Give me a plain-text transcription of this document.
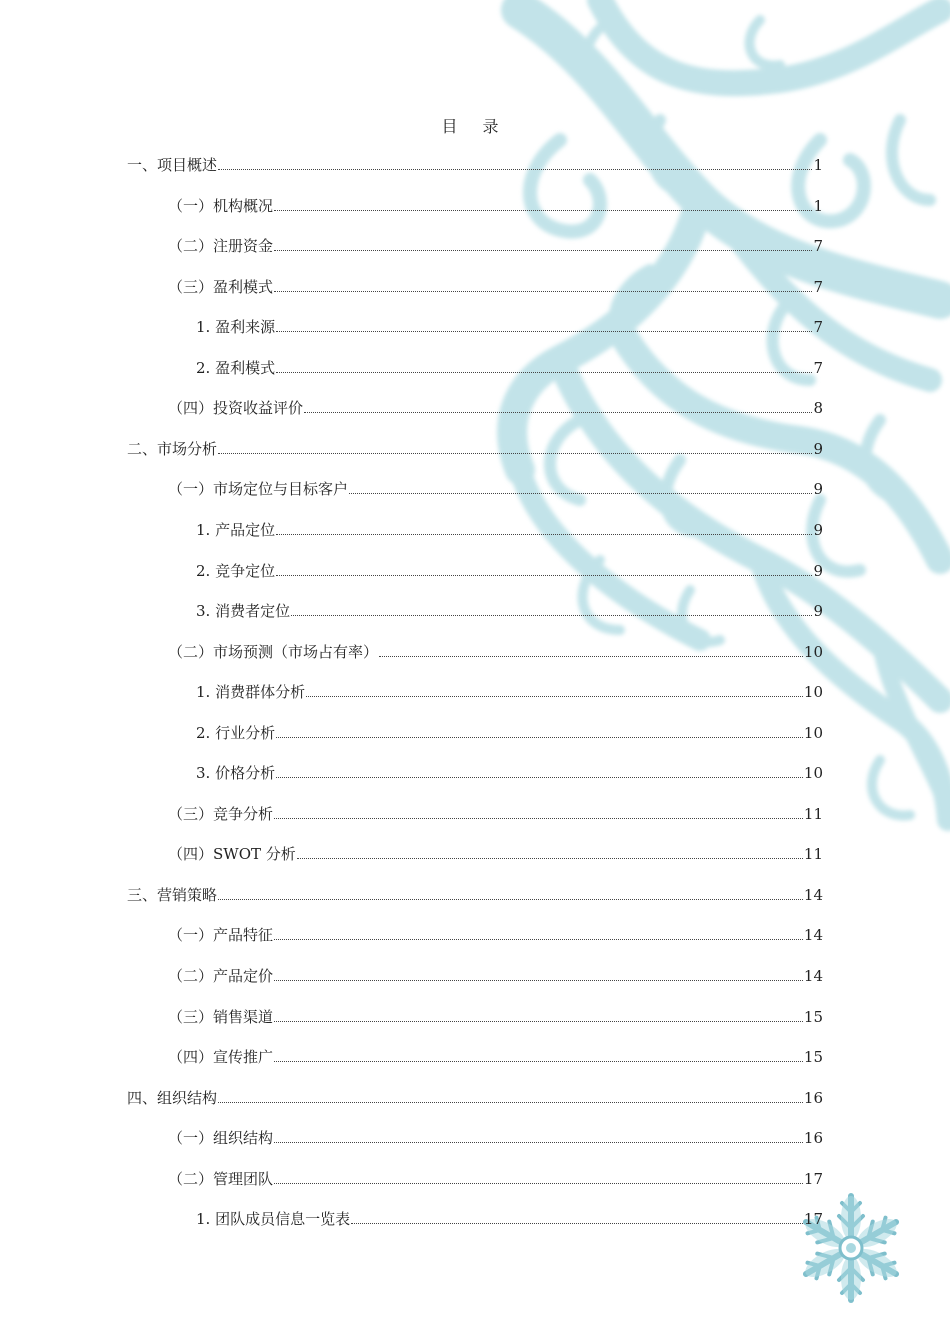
目 录
一、项目概述	1
（一）机构概况	1
（二）注册资金	7
（三）盈利模式	7
1. 盈利来源	7
2. 盈利模式	7
（四）投资收益评价	8
二、市场分析	9
（一）市场定位与目标客户	9
1. 产品定位	9
2. 竞争定位	9
3. 消费者定位	9
（二）市场预测（市场占有率）	10
1. 消费群体分析	10
2. 行业分析	10
3. 价格分析	10
（三）竞争分析	11
（四）SWOT 分析	11
三、营销策略	14
（一）产品特征	14
（二）产品定价	14
（三）销售渠道	15
（四）宣传推广	15
四、组织结构	16
（一）组织结构	16
（二）管理团队	17
1. 团队成员信息一览表	17
